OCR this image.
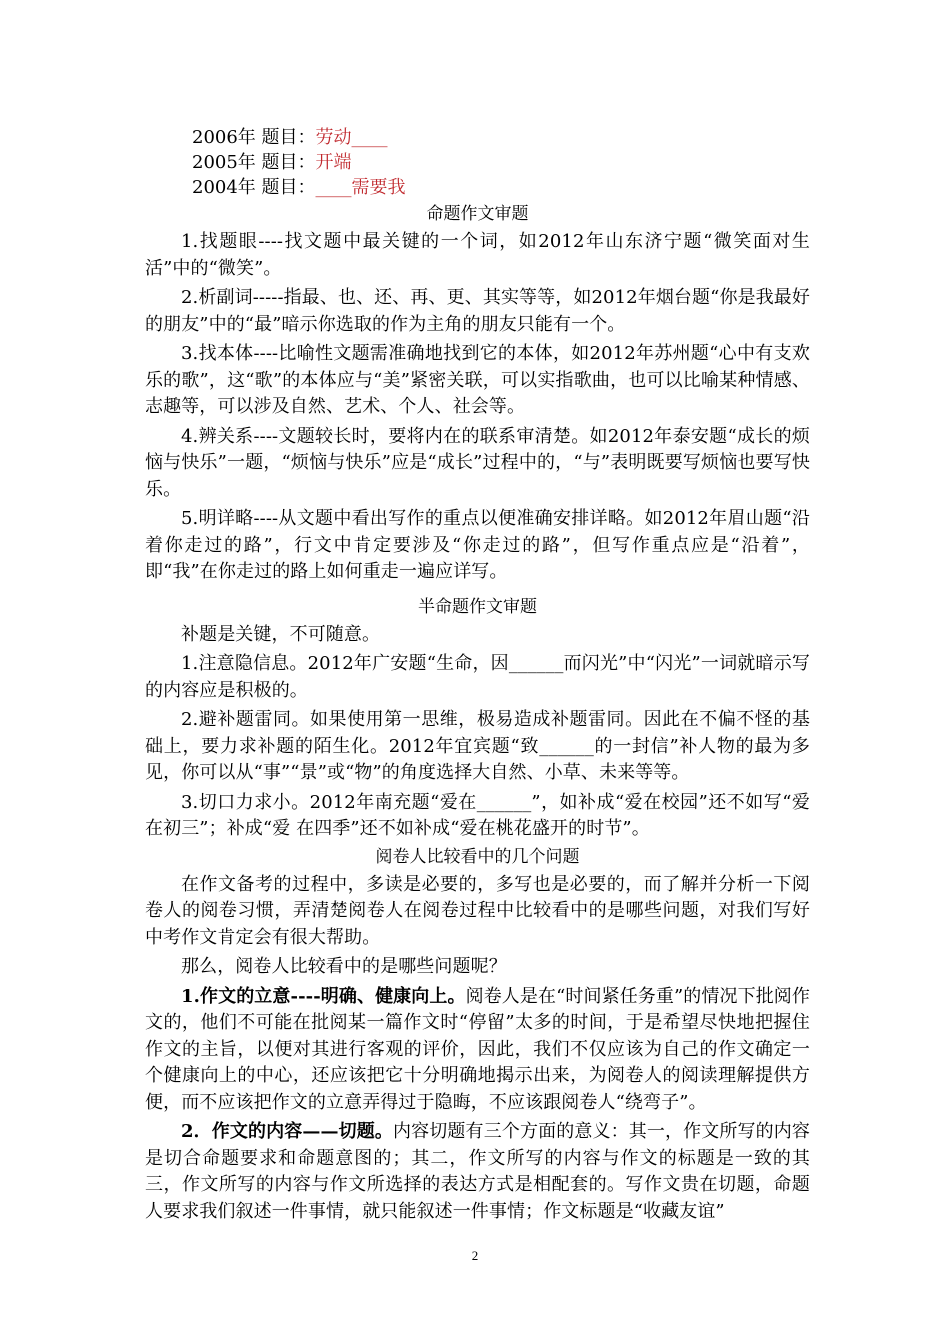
2006年 题目：劳动____
2005年 题目：开端
2004年 题目：____需要我
命题作文审题

1.找题眼----找文题中最关键的一个词，如2012年山东济宁题“微笑面对生活”中的“微笑”。

2.析副词-----指最、也、还、再、更、其实等等，如2012年烟台题“你是我最好的朋友”中的“最”暗示你选取的作为主角的朋友只能有一个。

3.找本体----比喻性文题需准确地找到它的本体，如2012年苏州题“心中有支欢乐的歌”，这“歌”的本体应与“美”紧密关联，可以实指歌曲，也可以比喻某种情感、志趣等，可以涉及自然、艺术、个人、社会等。

4.辨关系----文题较长时，要将内在的联系审清楚。如2012年泰安题“成长的烦恼与快乐”一题，“烦恼与快乐”应是“成长”过程中的，“与”表明既要写烦恼也要写快乐。

5.明详略----从文题中看出写作的重点以便准确安排详略。如2012年眉山题“沿着你走过的路”，行文中肯定要涉及“你走过的路”，但写作重点应是“沿着”，即“我”在你走过的路上如何重走一遍应详写。

半命题作文审题

补题是关键，不可随意。

1.注意隐信息。2012年广安题“生命，因______而闪光”中“闪光”一词就暗示写的内容应是积极的。

2.避补题雷同。如果使用第一思维，极易造成补题雷同。因此在不偏不怪的基础上，要力求补题的陌生化。2012年宜宾题“致______的一封信”补人物的最为多见，你可以从“事”“景”或“物”的角度选择大自然、小草、未来等等。

3.切口力求小。2012年南充题“爱在______”，如补成“爱在校园”还不如写“爱在初三”；补成“爱 在四季”还不如补成“爱在桃花盛开的时节”。

阅卷人比较看中的几个问题

在作文备考的过程中，多读是必要的，多写也是必要的，而了解并分析一下阅卷人的阅卷习惯，弄清楚阅卷人在阅卷过程中比较看中的是哪些问题，对我们写好中考作文肯定会有很大帮助。

那么，阅卷人比较看中的是哪些问题呢？

1.作文的立意----明确、健康向上。阅卷人是在“时间紧任务重”的情况下批阅作文的，他们不可能在批阅某一篇作文时“停留”太多的时间，于是希望尽快地把握住作文的主旨，以便对其进行客观的评价，因此，我们不仅应该为自己的作文确定一个健康向上的中心，还应该把它十分明确地揭示出来，为阅卷人的阅读理解提供方便，而不应该把作文的立意弄得过于隐晦，不应该跟阅卷人“绕弯子”。

2．作文的内容——切题。内容切题有三个方面的意义：其一，作文所写的内容是切合命题要求和命题意图的；其二，作文所写的内容与作文的标题是一致的其三，作文所写的内容与作文所选择的表达方式是相配套的。写作文贵在切题，命题人要求我们叙述一件事情，就只能叙述一件事情；作文标题是“收藏友谊”

2
